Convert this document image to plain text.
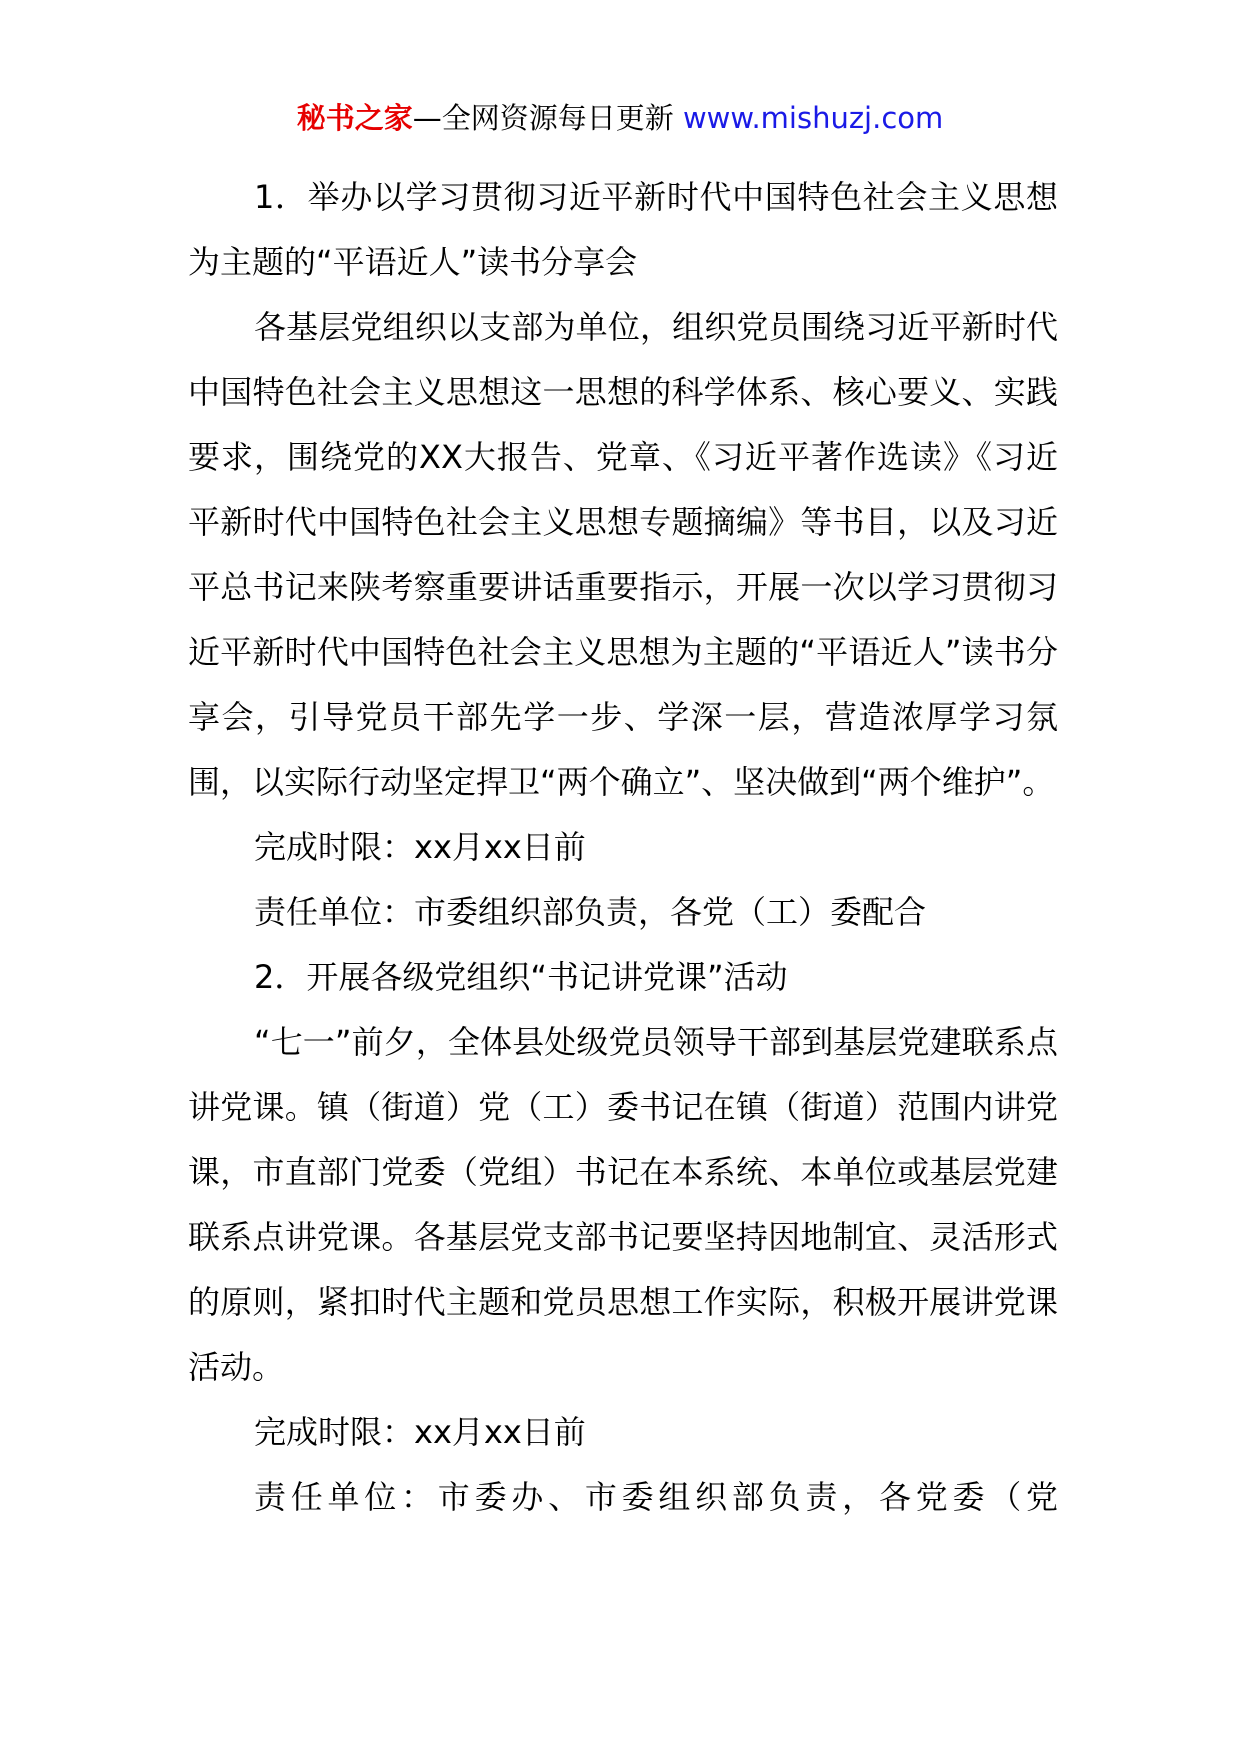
秘书之家—全网资源每日更新 www.mishuzj.com

1．举办以学习贯彻习近平新时代中国特色社会主义思想为主题的“平语近人”读书分享会

各基层党组织以支部为单位，组织党员围绕习近平新时代中国特色社会主义思想这一思想的科学体系、核心要义、实践要求，围绕党的XX大报告、党章、《习近平著作选读》《习近平新时代中国特色社会主义思想专题摘编》等书目，以及习近平总书记来陕考察重要讲话重要指示，开展一次以学习贯彻习近平新时代中国特色社会主义思想为主题的“平语近人”读书分享会，引导党员干部先学一步、学深一层，营造浓厚学习氛围，以实际行动坚定捍卫“两个确立”、坚决做到“两个维护”。

完成时限：xx月xx日前

责任单位：市委组织部负责，各党（工）委配合

2．开展各级党组织“书记讲党课”活动

“七一”前夕，全体县处级党员领导干部到基层党建联系点讲党课。镇（街道）党（工）委书记在镇（街道）范围内讲党课，市直部门党委（党组）书记在本系统、本单位或基层党建联系点讲党课。各基层党支部书记要坚持因地制宜、灵活形式的原则，紧扣时代主题和党员思想工作实际，积极开展讲党课活动。

完成时限：xx月xx日前

责任单位：市委办、市委组织部负责，各党委（党
